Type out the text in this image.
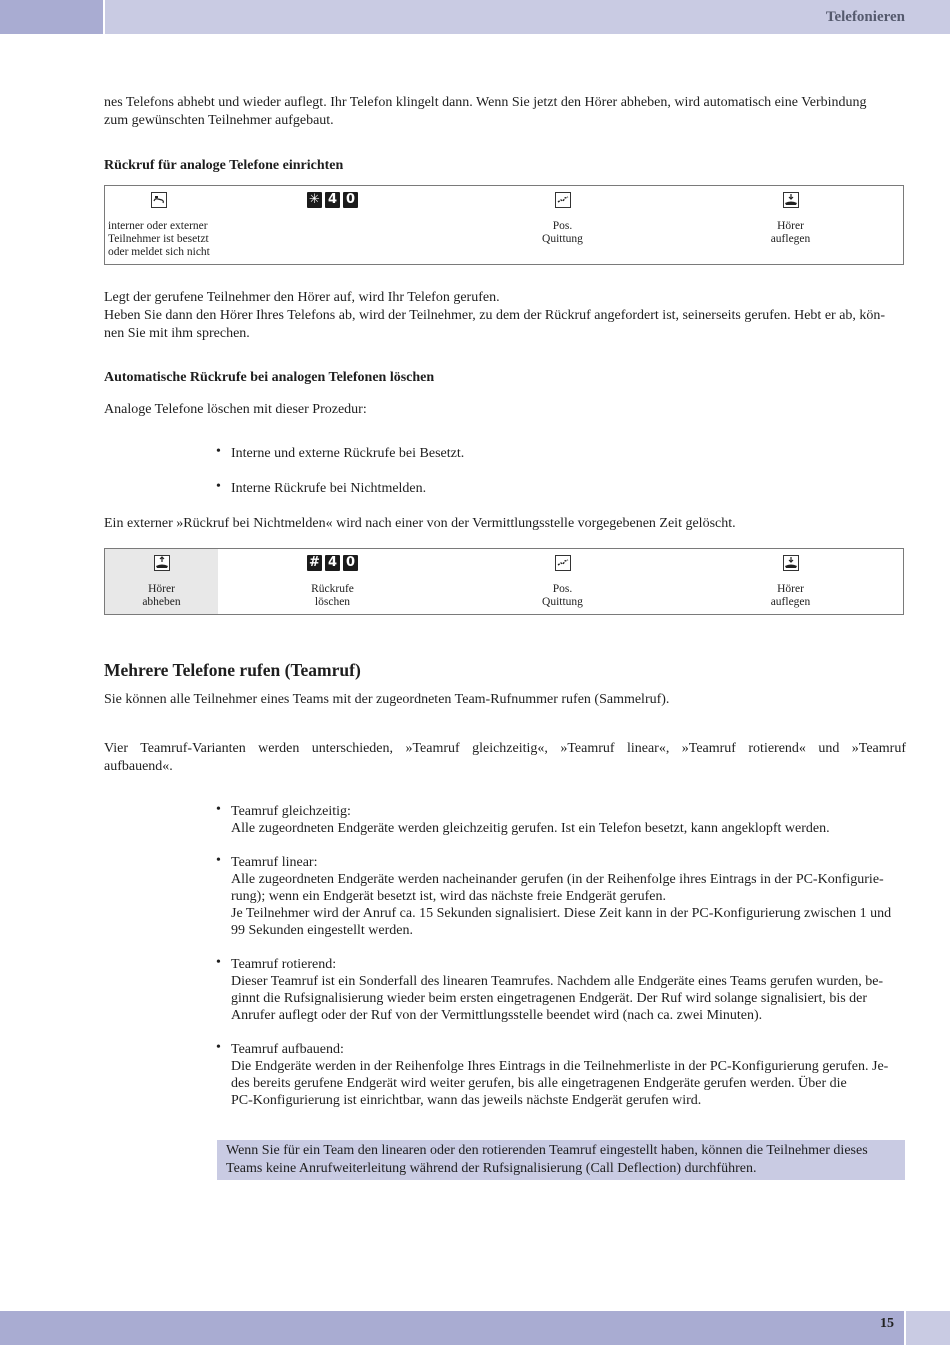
Telefonieren

nes Telefons abhebt und wieder auflegt. Ihr Telefon klingelt dann. Wenn Sie jetzt den Hörer abheben, wird automatisch eine Verbindung

zum gewünschten Teilnehmer aufgebaut.

Rückruf für analoge Telefone einrichten
interner oder externer
Teilnehmer ist besetzt
oder meldet sich nicht
✳ 4 0
Pos.
Quittung
Hörer
auflegen

Legt der gerufene Teilnehmer den Hörer auf, wird Ihr Telefon gerufen.

Heben Sie dann den Hörer Ihres Telefons ab, wird der Teilnehmer, zu dem der Rückruf angefordert ist, seinerseits gerufen. Hebt er ab, kön-

nen Sie mit ihm sprechen.

Automatische Rückrufe bei analogen Telefonen löschen
Analoge Telefone löschen mit dieser Prozedur:
• Interne und externe Rückrufe bei Besetzt.
• Interne Rückrufe bei Nichtmelden.
Ein externer »Rückruf bei Nichtmelden« wird nach einer von der Vermittlungsstelle vorgegebenen Zeit gelöscht.
Hörer
abheben
# 4 0
Rückrufe
löschen
Pos.
Quittung
Hörer
auflegen
Mehrere Telefone rufen (Teamruf)
Sie können alle Teilnehmer eines Teams mit der zugeordneten Team-Rufnummer rufen (Sammelruf).

Vier Teamruf-Varianten werden unterschieden, »Teamruf gleichzeitig«, »Teamruf linear«, »Teamruf rotierend« und »Teamruf

aufbauend«.

• Teamruf gleichzeitig:
Alle zugeordneten Endgeräte werden gleichzeitig gerufen. Ist ein Telefon besetzt, kann angeklopft werden.
• Teamruf linear:
Alle zugeordneten Endgeräte werden nacheinander gerufen (in der Reihenfolge ihres Eintrags in der PC-Konfigurie-
rung); wenn ein Endgerät besetzt ist, wird das nächste freie Endgerät gerufen.
Je Teilnehmer wird der Anruf ca. 15 Sekunden signalisiert. Diese Zeit kann in der PC-Konfigurierung zwischen 1 und
99 Sekunden eingestellt werden.
• Teamruf rotierend:
Dieser Teamruf ist ein Sonderfall des linearen Teamrufes. Nachdem alle Endgeräte eines Teams gerufen wurden, be-
ginnt die Rufsignalisierung wieder beim ersten eingetragenen Endgerät. Der Ruf wird solange signalisiert, bis der
Anrufer auflegt oder der Ruf von der Vermittlungsstelle beendet wird (nach ca. zwei Minuten).
• Teamruf aufbauend:
Die Endgeräte werden in der Reihenfolge Ihres Eintrags in die Teilnehmerliste in der PC-Konfigurierung gerufen. Je-
des bereits gerufene Endgerät wird weiter gerufen, bis alle eingetragenen Endgeräte gerufen werden. Über die
PC-Konfigurierung ist einrichtbar, wann das jeweils nächste Endgerät gerufen wird.
Wenn Sie für ein Team den linearen oder den rotierenden Teamruf eingestellt haben, können die Teilnehmer dieses
Teams keine Anrufweiterleitung während der Rufsignalisierung (Call Deflection) durchführen.
15
